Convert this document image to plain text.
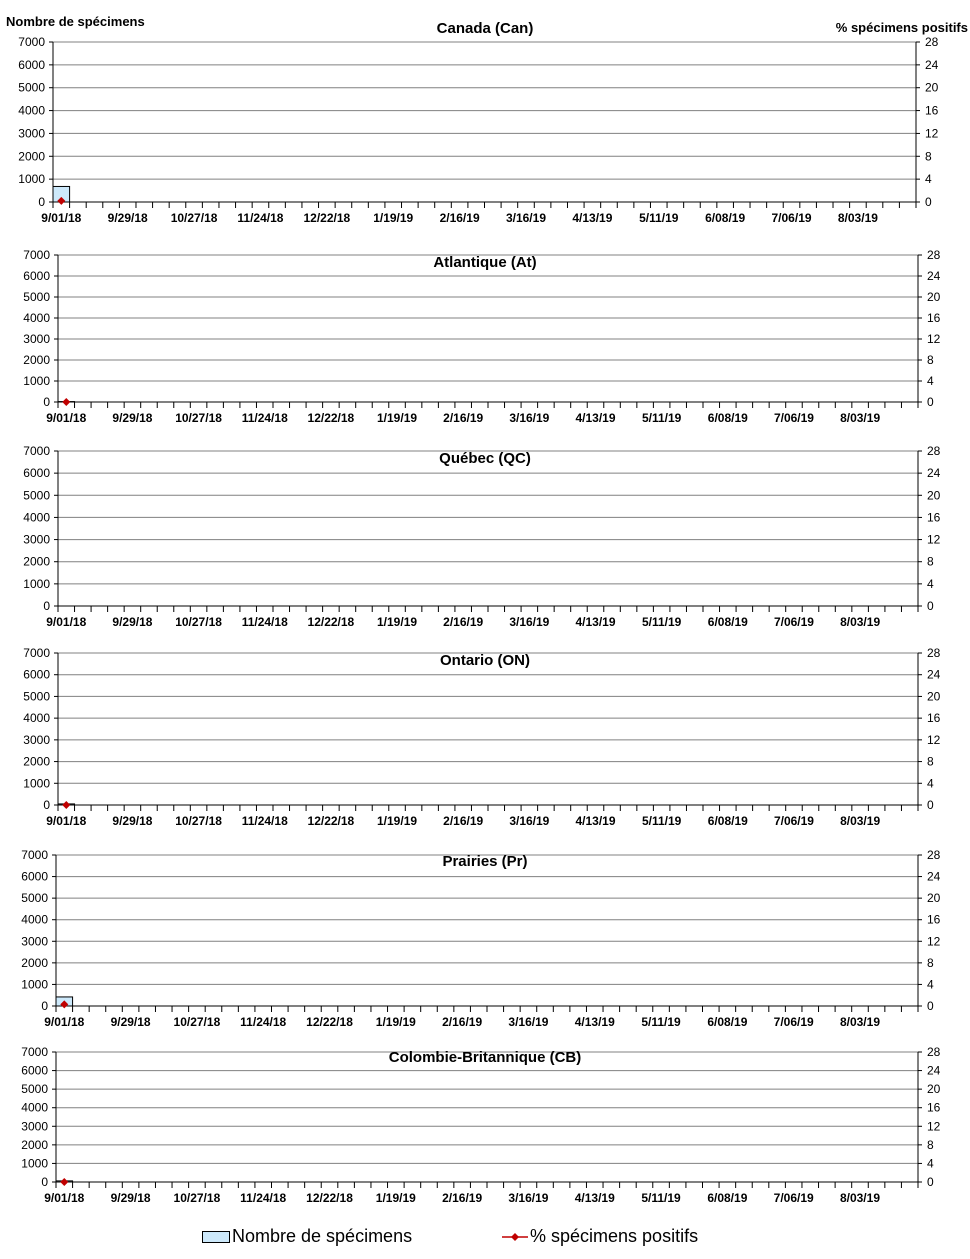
0
1000
2000
3000
4000
5000
6000
7000
0
4
8
12
16
20
24
28
9/01/18 9/29/18 10/27/18 11/24/18 12/22/18 1/19/19 2/16/19 3/16/19 4/13/19 5/11/19 6/08/19 7/06/19 8/03/19
Canada (Can)
0
1000
2000
3000
4000
5000
6000
7000
0
4
8
12
16
20
24
28
9/01/18 9/29/18 10/27/18 11/24/18 12/22/18 1/19/19 2/16/19 3/16/19 4/13/19 5/11/19 6/08/19 7/06/19 8/03/19
Atlantique (At)
0
1000
2000
3000
4000
5000
6000
7000
0
4
8
12
16
20
24
28
9/01/18 9/29/18 10/27/18 11/24/18 12/22/18 1/19/19 2/16/19 3/16/19 4/13/19 5/11/19 6/08/19 7/06/19 8/03/19
Québec (QC)
0
1000
2000
3000
4000
5000
6000
7000
0
4
8
12
16
20
24
28
9/01/18 9/29/18 10/27/18 11/24/18 12/22/18 1/19/19 2/16/19 3/16/19 4/13/19 5/11/19 6/08/19 7/06/19 8/03/19
Ontario (ON)
0
1000
2000
3000
4000
5000
6000
7000
0
4
8
12
16
20
24
28
9/01/18 9/29/18 10/27/18 11/24/18 12/22/18 1/19/19 2/16/19 3/16/19 4/13/19 5/11/19 6/08/19 7/06/19 8/03/19
Prairies (Pr)
0
1000
2000
3000
4000
5000
6000
7000
0
4
8
12
16
20
24
28
9/01/18 9/29/18 10/27/18 11/24/18 12/22/18 1/19/19 2/16/19 3/16/19 4/13/19 5/11/19 6/08/19 7/06/19 8/03/19
Colombie-Britannique (CB)
Nombre de spécimens	% spécimens positifs
Nombre de spécimens	% spécimens positifs
